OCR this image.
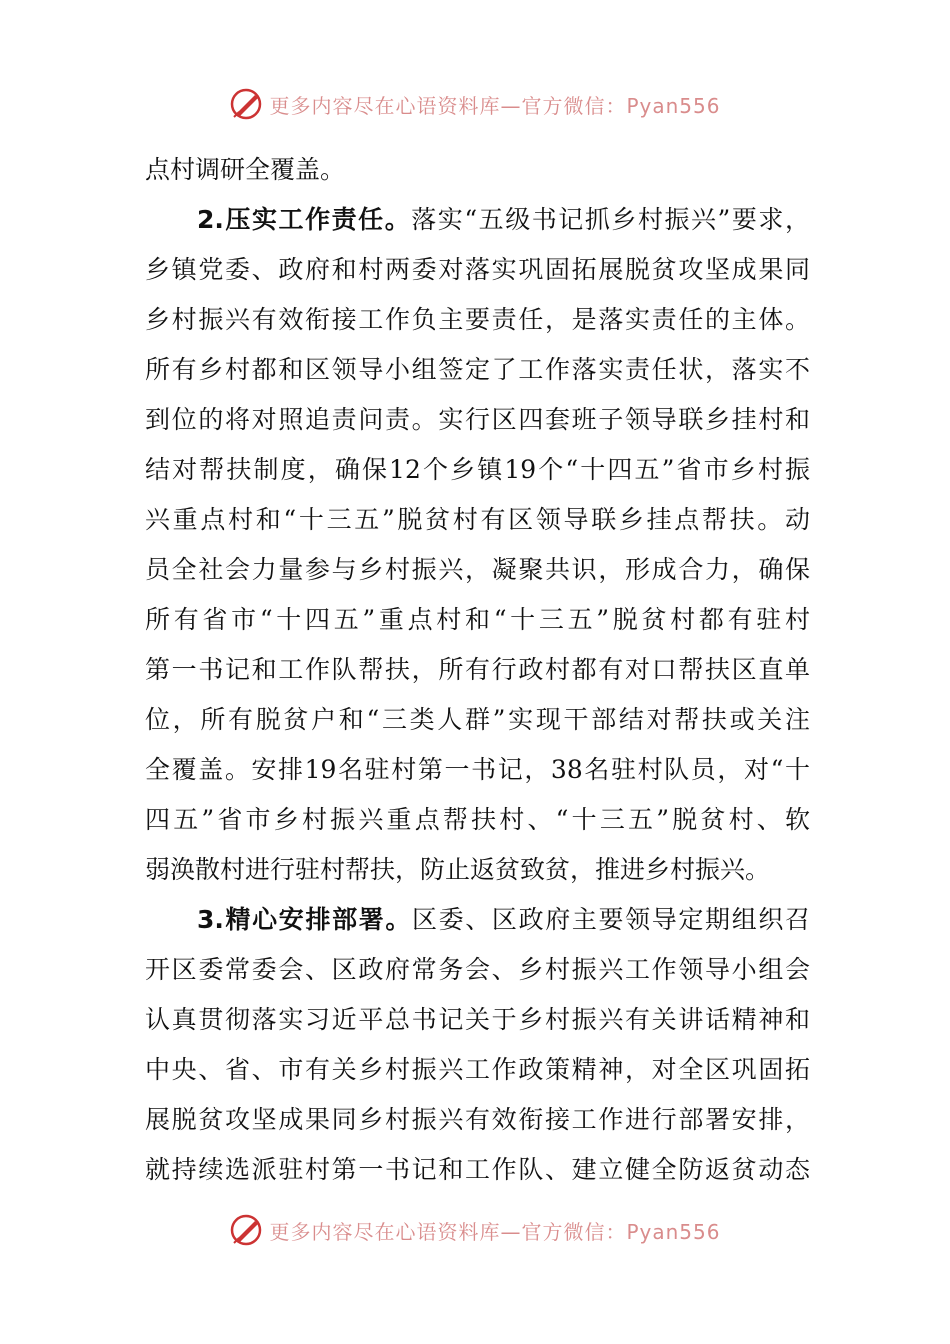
更多内容尽在心语资料库—官方微信：Pyan556
点村调研全覆盖。
2.压实工作责任。落实“五级书记抓乡村振兴”要求，
乡镇党委、政府和村两委对落实巩固拓展脱贫攻坚成果同
乡村振兴有效衔接工作负主要责任，是落实责任的主体。
所有乡村都和区领导小组签定了工作落实责任状，落实不
到位的将对照追责问责。实行区四套班子领导联乡挂村和
结对帮扶制度，确保12个乡镇19个“十四五”省市乡村振
兴重点村和“十三五”脱贫村有区领导联乡挂点帮扶。动
员全社会力量参与乡村振兴，凝聚共识，形成合力，确保
所有省市“十四五”重点村和“十三五”脱贫村都有驻村
第一书记和工作队帮扶，所有行政村都有对口帮扶区直单
位，所有脱贫户和“三类人群”实现干部结对帮扶或关注
全覆盖。安排19名驻村第一书记，38名驻村队员，对“十
四五”省市乡村振兴重点帮扶村、“十三五”脱贫村、软
弱涣散村进行驻村帮扶，防止返贫致贫，推进乡村振兴。
3.精心安排部署。区委、区政府主要领导定期组织召
开区委常委会、区政府常务会、乡村振兴工作领导小组会
认真贯彻落实习近平总书记关于乡村振兴有关讲话精神和
中央、省、市有关乡村振兴工作政策精神，对全区巩固拓
展脱贫攻坚成果同乡村振兴有效衔接工作进行部署安排，
就持续选派驻村第一书记和工作队、建立健全防返贫动态
更多内容尽在心语资料库—官方微信：Pyan556
